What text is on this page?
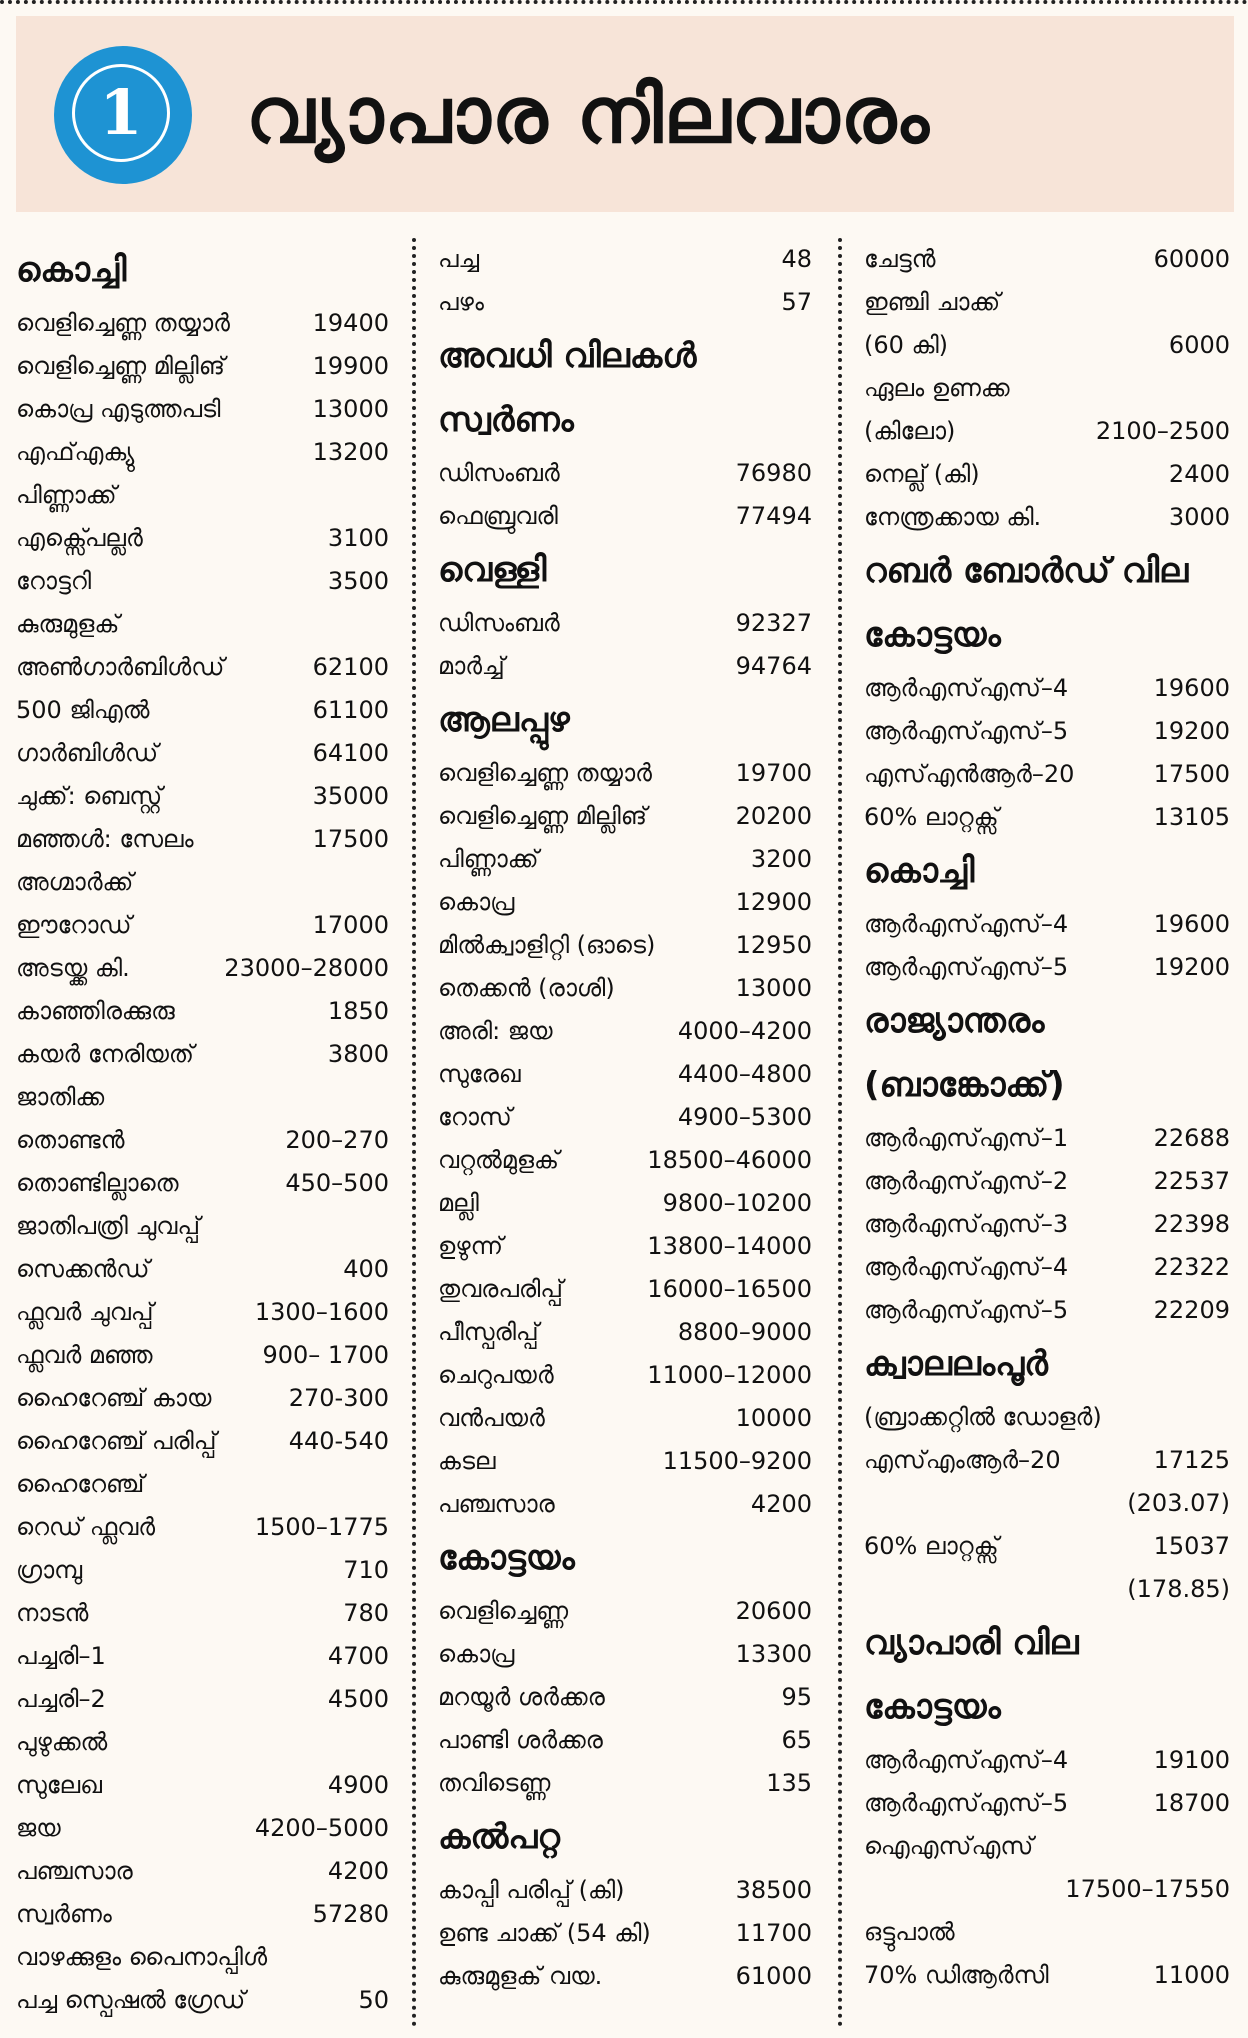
1 വ്യാപാര നിലവാരം
കൊച്ചി
വെളിച്ചെണ്ണ തയ്യാർ	19400
വെളിച്ചെണ്ണ മില്ലിങ്	19900
കൊപ്ര എടുത്തപടി	13000
എഫ്എക്യു	13200
പിണ്ണാക്ക്
എക്സ്പെല്ലർ	3100
റോട്ടറി	3500
കുരുമുളക്
അൺഗാർബിൾഡ്	62100
500 ജിഎൽ	61100
ഗാർബിൾഡ്	64100
ചുക്ക്: ബെസ്റ്റ്	35000
മഞ്ഞൾ: സേലം	17500
അഗ്മാർക്ക്
ഈറോഡ്	17000
അടയ്ക്ക കി.	23000–28000
കാഞ്ഞിരക്കുരു	1850
കയർ നേരിയത്	3800
ജാതിക്ക
തൊണ്ടൻ	200–270
തൊണ്ടില്ലാതെ	450–500
ജാതിപത്രി ചുവപ്പ്
സെക്കൻഡ്	400
ഫ്ലവർ ചുവപ്പ്	1300–1600
ഫ്ലവർ മഞ്ഞ	900– 1700
ഹൈറേഞ്ച് കായ	270-300
ഹൈറേഞ്ച് പരിപ്പ്	440-540
ഹൈറേഞ്ച്
റെഡ് ഫ്ലവർ	1500–1775
ഗ്രാമ്പു	710
നാടൻ	780
പച്ചരി–1	4700
പച്ചരി–2	4500
പുഴുക്കൽ
സുലേഖ	4900
ജയ	4200–5000
പഞ്ചസാര	4200
സ്വർണം	57280
വാഴക്കുളം പൈനാപ്പിൾ
പച്ച സ്പെഷൽ ഗ്രേഡ്	50
പച്ച	48
പഴം	57
അവധി വിലകൾ
സ്വർണം
ഡിസംബർ	76980
ഫെബ്രുവരി	77494
വെള്ളി
ഡിസംബർ	92327
മാർച്ച്	94764
ആലപ്പുഴ
വെളിച്ചെണ്ണ തയ്യാർ	19700
വെളിച്ചെണ്ണ മില്ലിങ്	20200
പിണ്ണാക്ക്	3200
കൊപ്ര	12900
മിൽക്വാളിറ്റി (ഓടെ)	12950
തെക്കൻ (രാശി)	13000
അരി: ജയ	4000–4200
സുരേഖ	4400–4800
റോസ്	4900–5300
വറ്റൽമുളക്	18500–46000
മല്ലി	9800–10200
ഉഴുന്ന്	13800–14000
തുവരപരിപ്പ്	16000–16500
പീസ്പരിപ്പ്	8800–9000
ചെറുപയർ	11000–12000
വൻപയർ	10000
കടല	11500–9200
പഞ്ചസാര	4200
കോട്ടയം
വെളിച്ചെണ്ണ	20600
കൊപ്ര	13300
മറയൂർ ശർക്കര	95
പാണ്ടി ശർക്കര	65
തവിടെണ്ണ	135
കൽപറ്റ
കാപ്പി പരിപ്പ് (കി)	38500
ഉണ്ട ചാക്ക് (54 കി)	11700
കുരുമുളക് വയ.	61000
ചേട്ടൻ	60000
ഇഞ്ചി ചാക്ക്
(60 കി)	6000
ഏലം ഉണക്ക
(കിലോ)	2100–2500
നെല്ല് (കി)	2400
നേന്ത്രക്കായ കി.	3000
റബർ ബോർഡ് വില
കോട്ടയം
ആർഎസ്എസ്–4	19600
ആർഎസ്എസ്–5	19200
എസ്എൻആർ–20	17500
60% ലാറ്റക്സ്	13105
കൊച്ചി
ആർഎസ്എസ്–4	19600
ആർഎസ്എസ്–5	19200
രാജ്യാന്തരം
(ബാങ്കോക്ക്)
ആർഎസ്എസ്–1	22688
ആർഎസ്എസ്–2	22537
ആർഎസ്എസ്–3	22398
ആർഎസ്എസ്–4	22322
ആർഎസ്എസ്–5	22209
ക്വാലലംപൂർ
(ബ്രാക്കറ്റിൽ ഡോളർ)
എസ്എംആർ–20	17125
(203.07)
60% ലാറ്റക്സ്	15037
(178.85)
വ്യാപാരി വില
കോട്ടയം
ആർഎസ്എസ്–4	19100
ആർഎസ്എസ്–5	18700
ഐഎസ്എസ്
17500–17550
ഒട്ടുപാൽ
70% ഡിആർസി	11000
